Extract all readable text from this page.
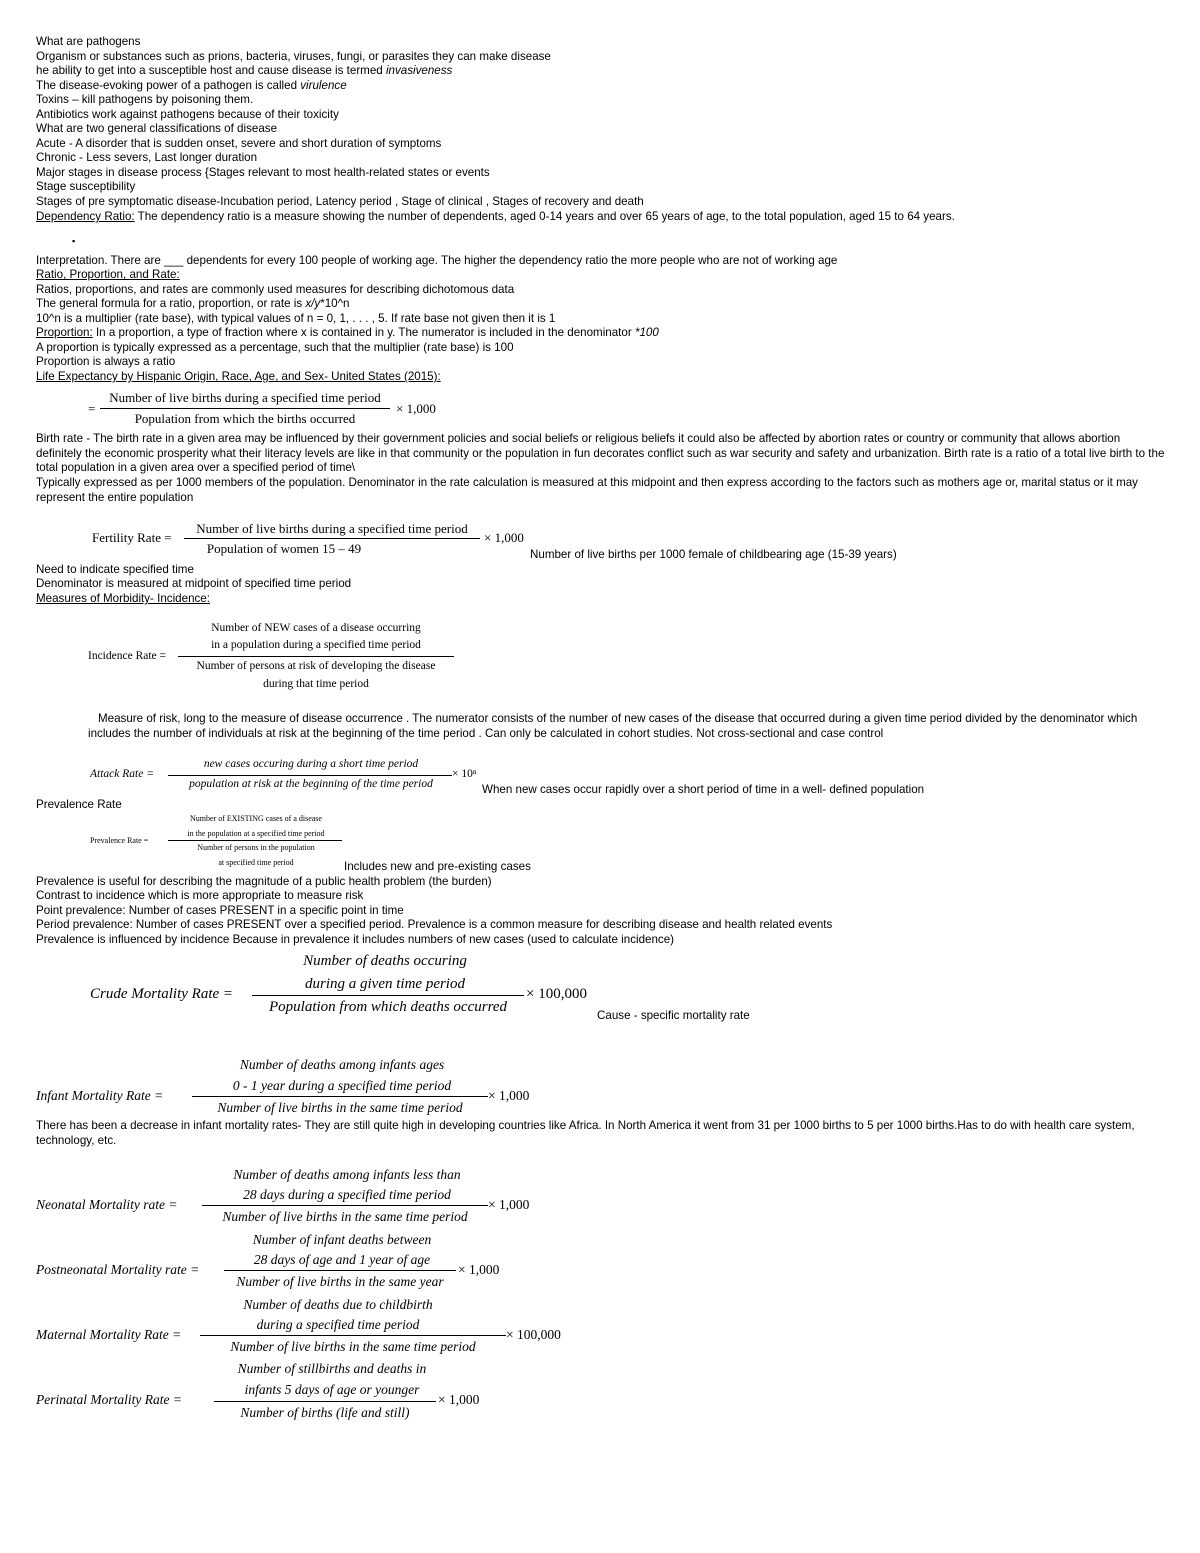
What are pathogens
Organism or substances such as prions, bacteria, viruses, fungi, or parasites they can make disease
he ability to get into a susceptible host and cause disease is termed invasiveness
The disease-evoking power of a pathogen is called virulence
Toxins – kill pathogens by poisoning them.
Antibiotics work against pathogens because of their toxicity
What are two general classifications of disease
Acute - A disorder that is sudden onset, severe and short duration of symptoms
Chronic - Less severs, Last longer duration
Major stages in disease process {Stages relevant to most health-related states or events
Stage susceptibility
Stages of pre symptomatic disease-Incubation period, Latency period , Stage of clinical , Stages of recovery and death
Dependency Ratio: The dependency ratio is a measure showing the number of dependents, aged 0-14 years and over 65 years of age, to the total population, aged 15 to 64 years.
▪
Interpretation. There are ___ dependents for every 100 people of working age. The higher the dependency ratio the more people who are not of working age
Ratio, Proportion, and Rate:
Ratios, proportions, and rates are commonly used measures for describing dichotomous data
The general formula for a ratio, proportion, or rate is x/y*10^n
10^n is a multiplier (rate base), with typical values of n = 0, 1, . . . , 5. If rate base not given then it is 1
Proportion: In a proportion, a type of fraction where x is contained in y. The numerator is included in the denominator *100
A proportion is typically expressed as a percentage, such that the multiplier (rate base) is 100
Proportion is always a ratio
Life Expectancy by Hispanic Origin, Race, Age, and Sex- United States (2015):
=
Number of live births during a specified time period
Population from which the births occurred
× 1,000
Birth rate - The birth rate in a given area may be influenced by their government policies and social beliefs or religious beliefs it could also be affected by abortion rates or country or community that allows abortion definitely the economic prosperity what their literacy levels are like in that community or the population in fun decorates conflict such as war security and safety and urbanization. Birth rate is a ratio of a total live birth to the total population in a given area over a specified period of time\
Typically expressed as per 1000 members of the population. Denominator in the rate calculation is measured at this midpoint and then express according to the factors such as mothers age or, marital status or it may represent the entire population
Fertility Rate =
Number of live births during a specified time period
Population of women 15 – 49
× 1,000
Number of live births per 1000 female of childbearing age (15-39 years)
Need to indicate specified time
Denominator is measured at midpoint of specified time period
Measures of Morbidity- Incidence:
Incidence Rate =
Number of NEW cases of a disease occurring
in a population during a specified time period
Number of persons at risk of developing the disease
during that time period
Measure of risk, long to the measure of disease occurrence . The numerator consists of the number of new cases of the disease that occurred during a given time period divided by the denominator which includes the number of individuals at risk at the beginning of the time period . Can only be calculated in cohort studies. Not cross-sectional and case control
Attack Rate =
new cases occuring during a short time period
population at risk at the beginning of the time period
× 10ⁿ
When new cases occur rapidly over a short period of time in a well- defined population
Prevalence Rate
Prevalence Rate =
Number of EXISTING cases of a disease
in the population at a specified time period
Number of persons in the population
at specified time period	Includes new and pre-existing cases
Prevalence is useful for describing the magnitude of a public health problem (the burden)
Contrast to incidence which is more appropriate to measure risk
Point prevalence: Number of cases PRESENT in a specific point in time
Period prevalence: Number of cases PRESENT over a specified period. Prevalence is a common measure for describing disease and health related events
Prevalence is influenced by incidence Because in prevalence it includes numbers of new cases (used to calculate incidence)
Crude Mortality Rate =
Number of deaths occuring
during a given time period
Population from which deaths occurred
× 100,000
Cause - specific mortality rate
Infant Mortality Rate =
Number of deaths among infants ages
0 - 1 year during a specified time period
Number of live births in the same time period
× 1,000
There has been a decrease in infant mortality rates- They are still quite high in developing countries like Africa. In North America it went from 31 per 1000 births to 5 per 1000 births.Has to do with health care system, technology, etc.
Neonatal Mortality rate =
Number of deaths among infants less than
28 days during a specified time period
Number of live births in the same time period
× 1,000
Postneonatal Mortality rate =
Number of infant deaths between
28 days of age and 1 year of age
Number of live births in the same year
× 1,000
Maternal Mortality Rate =
Number of deaths due to childbirth
during a specified time period
Number of live births in the same time period
× 100,000
Perinatal Mortality Rate =
Number of stillbirths and deaths in
infants 5 days of age or younger
Number of births (life and still)
× 1,000
